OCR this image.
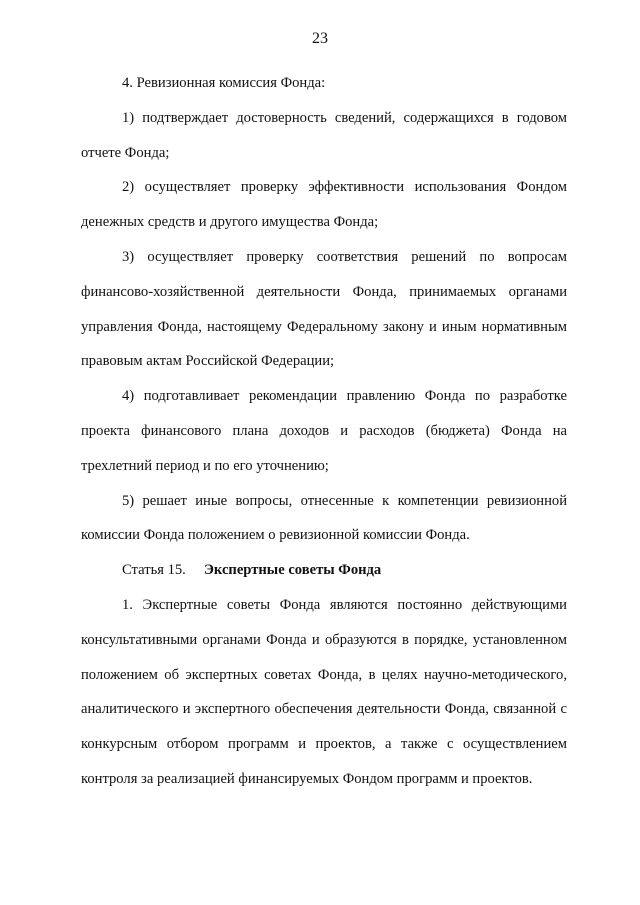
23

4. Ревизионная комиссия Фонда:

1) подтверждает достоверность сведений, содержащихся в годовом отчете Фонда;

2) осуществляет проверку эффективности использования Фондом денежных средств и другого имущества Фонда;

3) осуществляет проверку соответствия решений по вопросам финансово-хозяйственной деятельности Фонда, принимаемых органами управления Фонда, настоящему Федеральному закону и иным нормативным правовым актам Российской Федерации;

4) подготавливает рекомендации правлению Фонда по разработке проекта финансового плана доходов и расходов (бюджета) Фонда на трехлетний период и по его уточнению;

5) решает иные вопросы, отнесенные к компетенции ревизионной комиссии Фонда положением о ревизионной комиссии Фонда.

Статья 15. Экспертные советы Фонда

1. Экспертные советы Фонда являются постоянно действующими консультативными органами Фонда и образуются в порядке, установленном положением об экспертных советах Фонда, в целях научно-методического, аналитического и экспертного обеспечения деятельности Фонда, связанной с конкурсным отбором программ и проектов, а также с осуществлением контроля за реализацией финансируемых Фондом программ и проектов.
